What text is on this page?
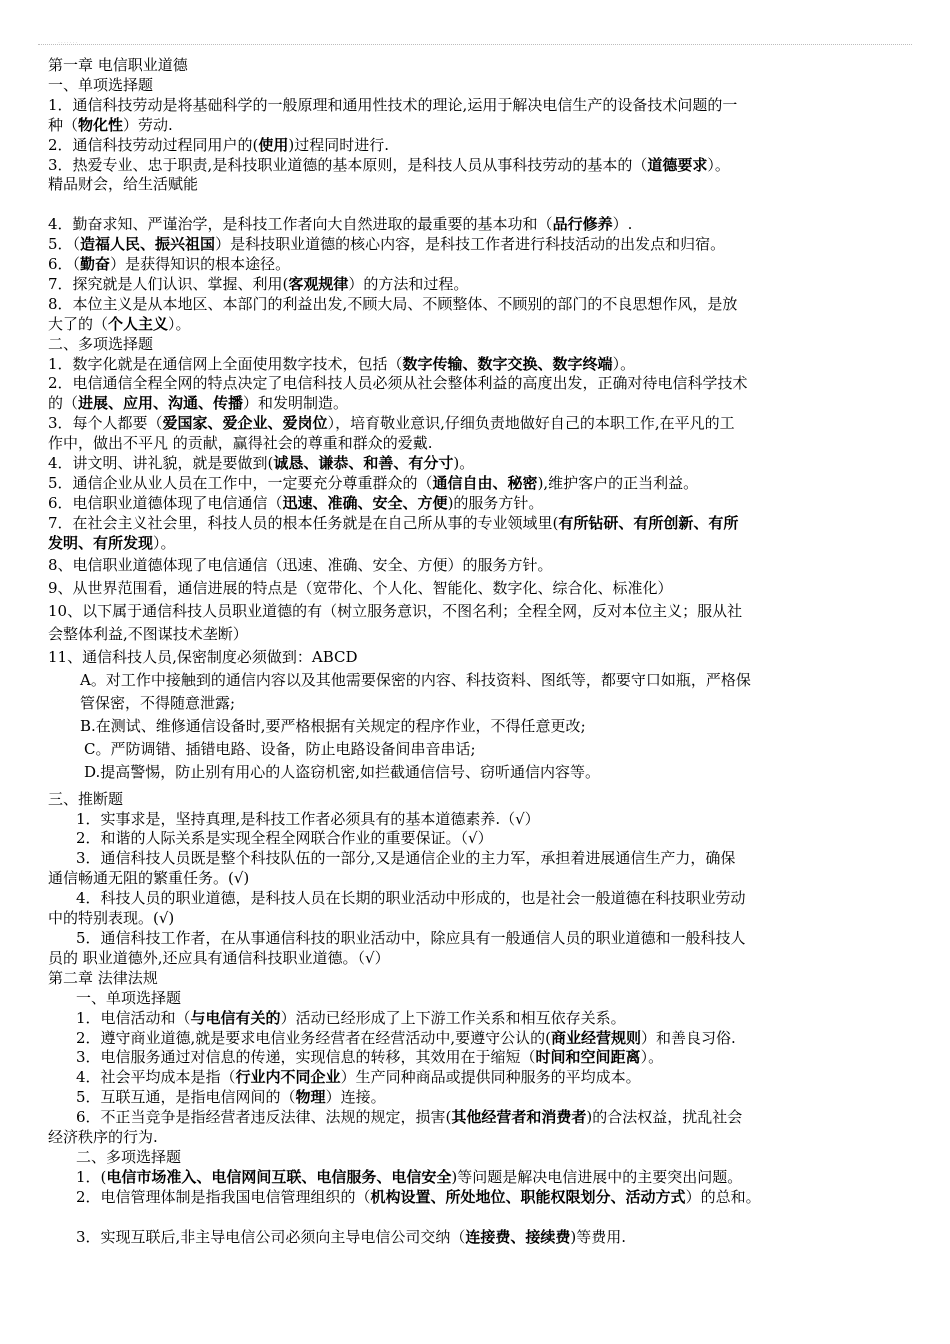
·······
第一章 电信职业道德
一、单项选择题
1．通信科技劳动是将基础科学的一般原理和通用性技术的理论,运用于解决电信生产的设备技术问题的一
种（物化性）劳动.
2．通信科技劳动过程同用户的(使用)过程同时进行.
3．热爱专业、忠于职责,是科技职业道德的基本原则，是科技人员从事科技劳动的基本的（道德要求）。
精品财会，给生活赋能
4．勤奋求知、严谨治学，是科技工作者向大自然进取的最重要的基本功和（品行修养）.
5．（造福人民、振兴祖国）是科技职业道德的核心内容，是科技工作者进行科技活动的出发点和归宿。
6．（勤奋）是获得知识的根本途径。
7．探究就是人们认识、掌握、利用(客观规律）的方法和过程。
8．本位主义是从本地区、本部门的利益出发,不顾大局、不顾整体、不顾别的部门的不良思想作风，是放
大了的（个人主义）。
二、多项选择题
1．数字化就是在通信网上全面使用数字技术，包括（数字传输、数字交换、数字终端）。
2．电信通信全程全网的特点决定了电信科技人员必须从社会整体利益的高度出发，正确对待电信科学技术
的（进展、应用、沟通、传播）和发明制造。
3．每个人都要（爱国家、爱企业、爱岗位），培育敬业意识,仔细负责地做好自己的本职工作,在平凡的工
作中，做出不平凡 的贡献，赢得社会的尊重和群众的爱戴.
4．讲文明、讲礼貌，就是要做到(诚恳、谦恭、和善、有分寸)。
5．通信企业从业人员在工作中，一定要充分尊重群众的（通信自由、秘密),维护客户的正当利益。
6．电信职业道德体现了电信通信（迅速、准确、安全、方便)的服务方针。
7．在社会主义社会里，科技人员的根本任务就是在自己所从事的专业领域里(有所钻研、有所创新、有所
发明、有所发现）。
8、电信职业道德体现了电信通信（迅速、准确、安全、方便）的服务方针。
9、从世界范围看，通信进展的特点是（宽带化、个人化、智能化、数字化、综合化、标准化）
10、以下属于通信科技人员职业道德的有（树立服务意识，不图名利；全程全网，反对本位主义；服从社
会整体利益,不图谋技术垄断）
11、通信科技人员,保密制度必须做到：ABCD
A。对工作中接触到的通信内容以及其他需要保密的内容、科技资料、图纸等，都要守口如瓶，严格保
管保密，不得随意泄露;
B.在测试、维修通信设备时,要严格根据有关规定的程序作业，不得任意更改;
C。严防调错、插错电路、设备，防止电路设备间串音串话;
D.提高警惕，防止别有用心的人盗窃机密,如拦截通信信号、窃听通信内容等。
三、推断题
1．实事求是，坚持真理,是科技工作者必须具有的基本道德素养.（√）
2．和谐的人际关系是实现全程全网联合作业的重要保证。（√）
3．通信科技人员既是整个科技队伍的一部分,又是通信企业的主力军，承担着进展通信生产力，确保
通信畅通无阻的繁重任务。(√)
4．科技人员的职业道德，是科技人员在长期的职业活动中形成的，也是社会一般道德在科技职业劳动
中的特别表现。(√)
5．通信科技工作者，在从事通信科技的职业活动中，除应具有一般通信人员的职业道德和一般科技人
员的 职业道德外,还应具有通信科技职业道德。（√）
第二章 法律法规
一、单项选择题
1．电信活动和（与电信有关的）活动已经形成了上下游工作关系和相互依存关系。
2．遵守商业道德,就是要求电信业务经营者在经营活动中,要遵守公认的(商业经营规则）和善良习俗.
3．电信服务通过对信息的传递，实现信息的转移，其效用在于缩短（时间和空间距离）。
4．社会平均成本是指（行业内不同企业）生产同种商品或提供同种服务的平均成本。
5．互联互通，是指电信网间的（物理）连接。
6．不正当竞争是指经营者违反法律、法规的规定，损害(其他经营者和消费者)的合法权益，扰乱社会
经济秩序的行为.
二、多项选择题
1．(电信市场准入、电信网间互联、电信服务、电信安全)等问题是解决电信进展中的主要突出问题。
2．电信管理体制是指我国电信管理组织的（机构设置、所处地位、职能权限划分、活动方式）的总和。
3．实现互联后,非主导电信公司必须向主导电信公司交纳（连接费、接续费)等费用.
